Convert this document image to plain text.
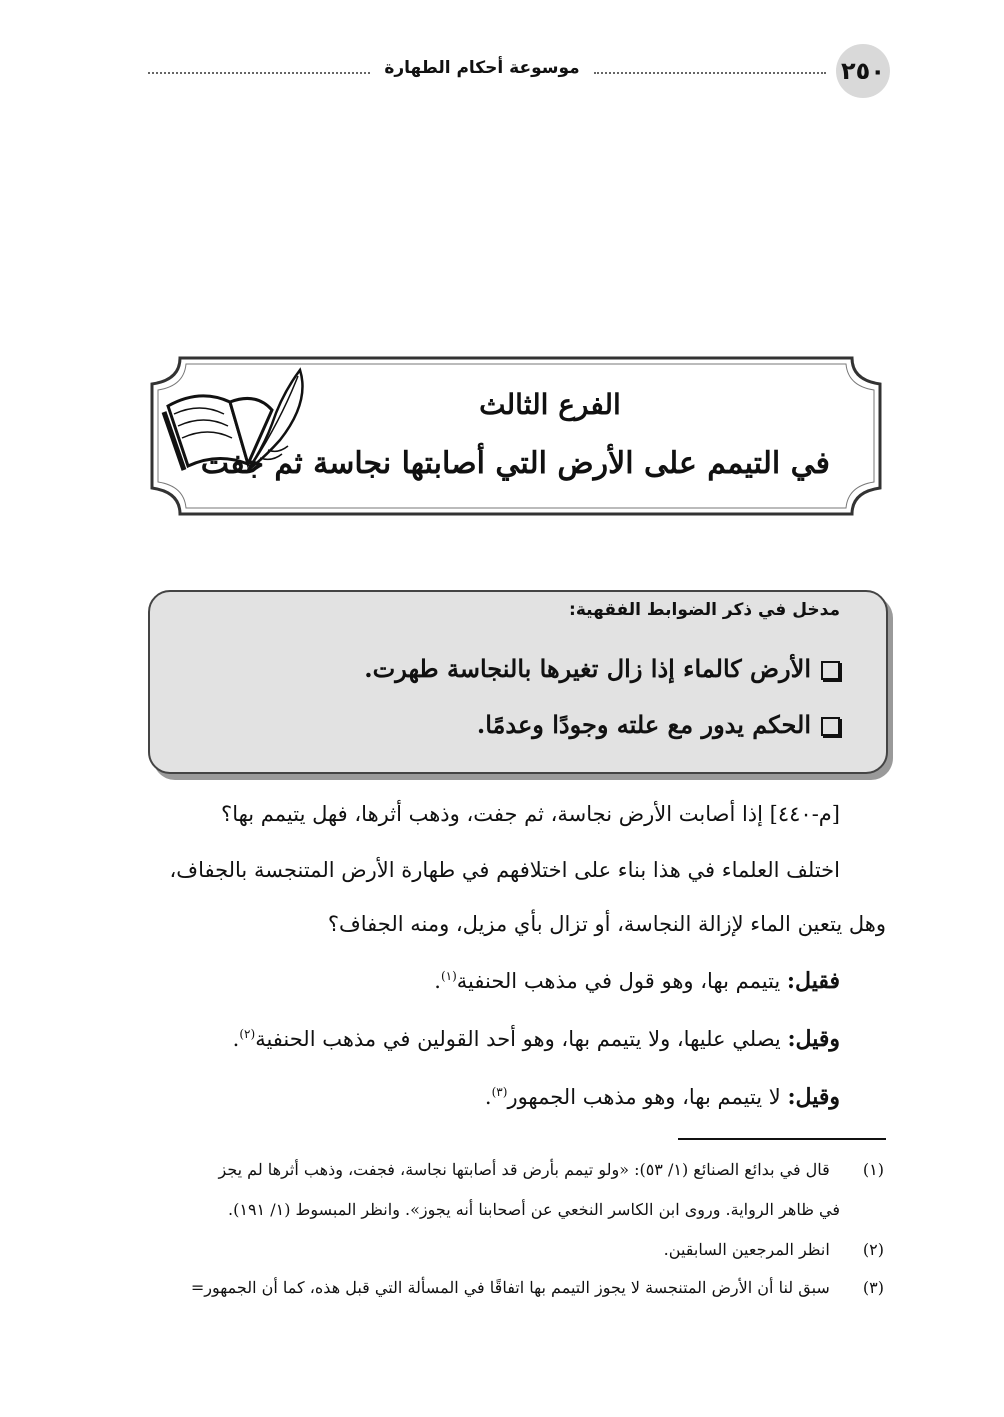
٢٥٠
موسوعة أحكام الطهارة
الفرع الثالث
في التيمم على الأرض التي أصابتها نجاسة ثم جفت
مدخل في ذكر الضوابط الفقهية:
الأرض كالماء إذا زال تغيرها بالنجاسة طهرت.
الحكم يدور مع علته وجودًا وعدمًا.
[م-٤٤٠] إذا أصابت الأرض نجاسة، ثم جفت، وذهب أثرها، فهل يتيمم بها؟
اختلف العلماء في هذا بناء على اختلافهم في طهارة الأرض المتنجسة بالجفاف،
وهل يتعين الماء لإزالة النجاسة، أو تزال بأي مزيل، ومنه الجفاف؟
فقيل: يتيمم بها، وهو قول في مذهب الحنفية$^{(١)}$.
وقيل: يصلي عليها، ولا يتيمم بها، وهو أحد القولين في مذهب الحنفية$^{(٢)}$.
وقيل: لا يتيمم بها، وهو مذهب الجمهور$^{(٣)}$.
(١)  قال في بدائع الصنائع (١/ ٥٣): «ولو تيمم بأرض قد أصابتها نجاسة، فجفت، وذهب أثرها لم يجز
في ظاهر الرواية. وروى ابن الكاسر النخعي عن أصحابنا أنه يجوز». وانظر المبسوط (١/ ١٩١).
(٢)  انظر المرجعين السابقين.
(٣)  سبق لنا أن الأرض المتنجسة لا يجوز التيمم بها اتفاقًا في المسألة التي قبل هذه، كما أن الجمهور=
